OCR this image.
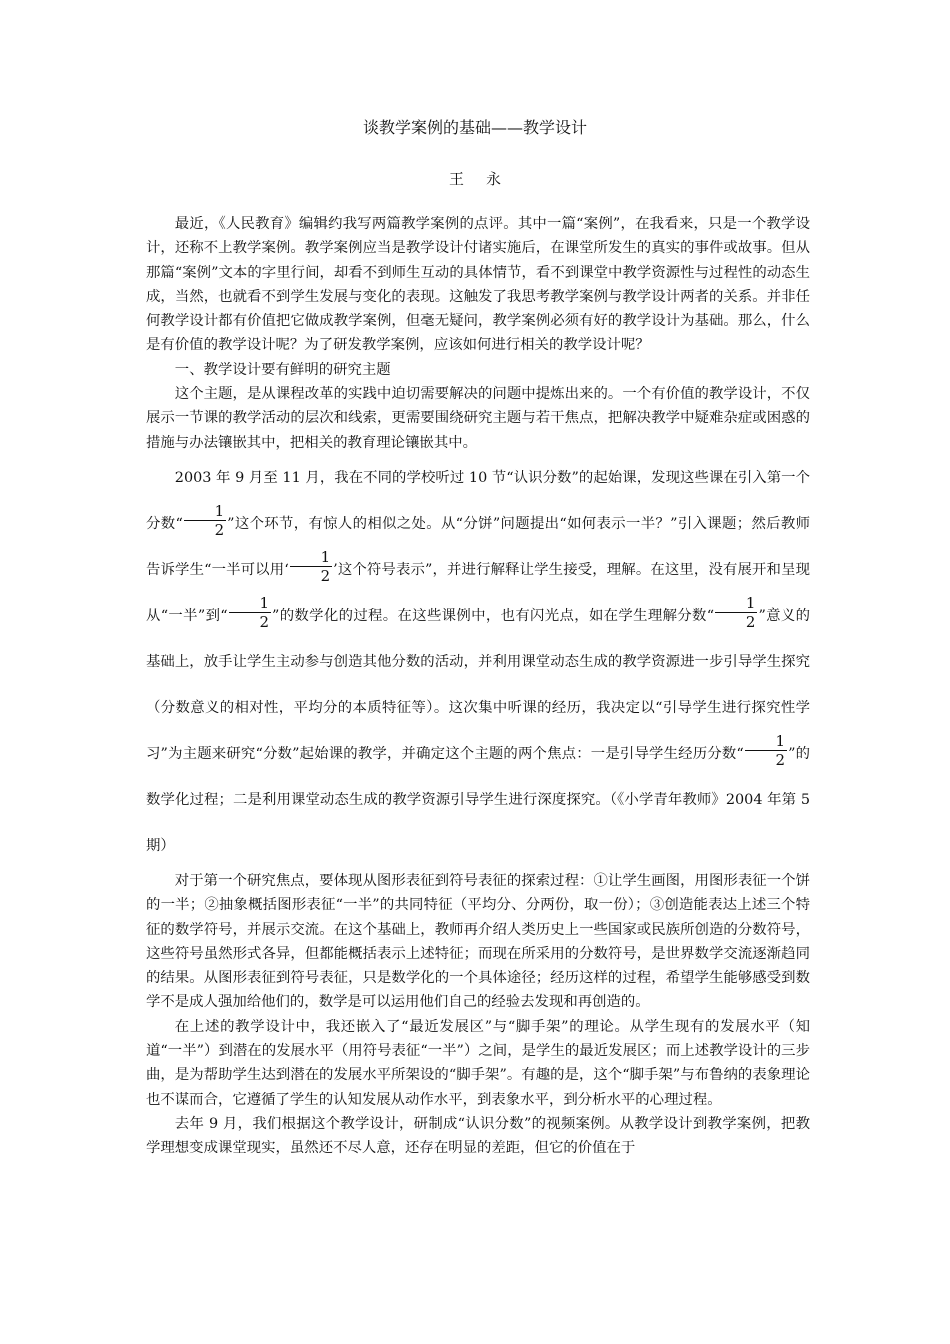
谈教学案例的基础——教学设计
王 永

最近，《人民教育》编辑约我写两篇教学案例的点评。其中一篇“案例”，在我看来，只是一个教学设计，还称不上教学案例。教学案例应当是教学设计付诸实施后，在课堂所发生的真实的事件或故事。但从那篇“案例”文本的字里行间，却看不到师生互动的具体情节，看不到课堂中教学资源性与过程性的动态生成，当然，也就看不到学生发展与变化的表现。这触发了我思考教学案例与教学设计两者的关系。并非任何教学设计都有价值把它做成教学案例，但毫无疑问，教学案例必须有好的教学设计为基础。那么，什么是有价值的教学设计呢？为了研发教学案例，应该如何进行相关的教学设计呢？

一、教学设计要有鲜明的研究主题

这个主题，是从课程改革的实践中迫切需要解决的问题中提炼出来的。一个有价值的教学设计，不仅展示一节课的教学活动的层次和线索，更需要围绕研究主题与若干焦点，把解决教学中疑难杂症或困惑的措施与办法镶嵌其中，把相关的教育理论镶嵌其中。

2003 年 9 月至 11 月，我在不同的学校听过 10 节“认识分数”的起始课，发现这些课在引入第一个分数“ $\frac{1}{2}$ ”这个环节，有惊人的相似之处。从“分饼”问题提出“如何表示一半？”引入课题；然后教师告诉学生“一半可以用‘ $\frac{1}{2}$ ’这个符号表示”，并进行解释让学生接受，理解。在这里，没有展开和呈现从“一半”到“ $\frac{1}{2}$ ”的数学化的过程。在这些课例中，也有闪光点，如在学生理解分数“ $\frac{1}{2}$ ”意义的基础上，放手让学生主动参与创造其他分数的活动，并利用课堂动态生成的教学资源进一步引导学生探究（分数意义的相对性，平均分的本质特征等）。这次集中听课的经历，我决定以“引导学生进行探究性学习”为主题来研究“分数”起始课的教学，并确定这个主题的两个焦点：一是引导学生经历分数“ $\frac{1}{2}$ ”的数学化过程；二是利用课堂动态生成的教学资源引导学生进行深度探究。（《小学青年教师》2004 年第 5 期）

对于第一个研究焦点，要体现从图形表征到符号表征的探索过程：①让学生画图，用图形表征一个饼的一半；②抽象概括图形表征“一半”的共同特征（平均分、分两份，取一份）；③创造能表达上述三个特征的数学符号，并展示交流。在这个基础上，教师再介绍人类历史上一些国家或民族所创造的分数符号，这些符号虽然形式各异，但都能概括表示上述特征；而现在所采用的分数符号，是世界数学交流逐渐趋同的结果。从图形表征到符号表征，只是数学化的一个具体途径；经历这样的过程，希望学生能够感受到数学不是成人强加给他们的，数学是可以运用他们自己的经验去发现和再创造的。

在上述的教学设计中，我还嵌入了“最近发展区”与“脚手架”的理论。从学生现有的发展水平（知道“一半”）到潜在的发展水平（用符号表征“一半”）之间，是学生的最近发展区；而上述教学设计的三步曲，是为帮助学生达到潜在的发展水平所架设的“脚手架”。有趣的是，这个“脚手架”与布鲁纳的表象理论也不谋而合，它遵循了学生的认知发展从动作水平，到表象水平，到分析水平的心理过程。

去年 9 月，我们根据这个教学设计，研制成“认识分数”的视频案例。从教学设计到教学案例，把教学理想变成课堂现实，虽然还不尽人意，还存在明显的差距，但它的价值在于
